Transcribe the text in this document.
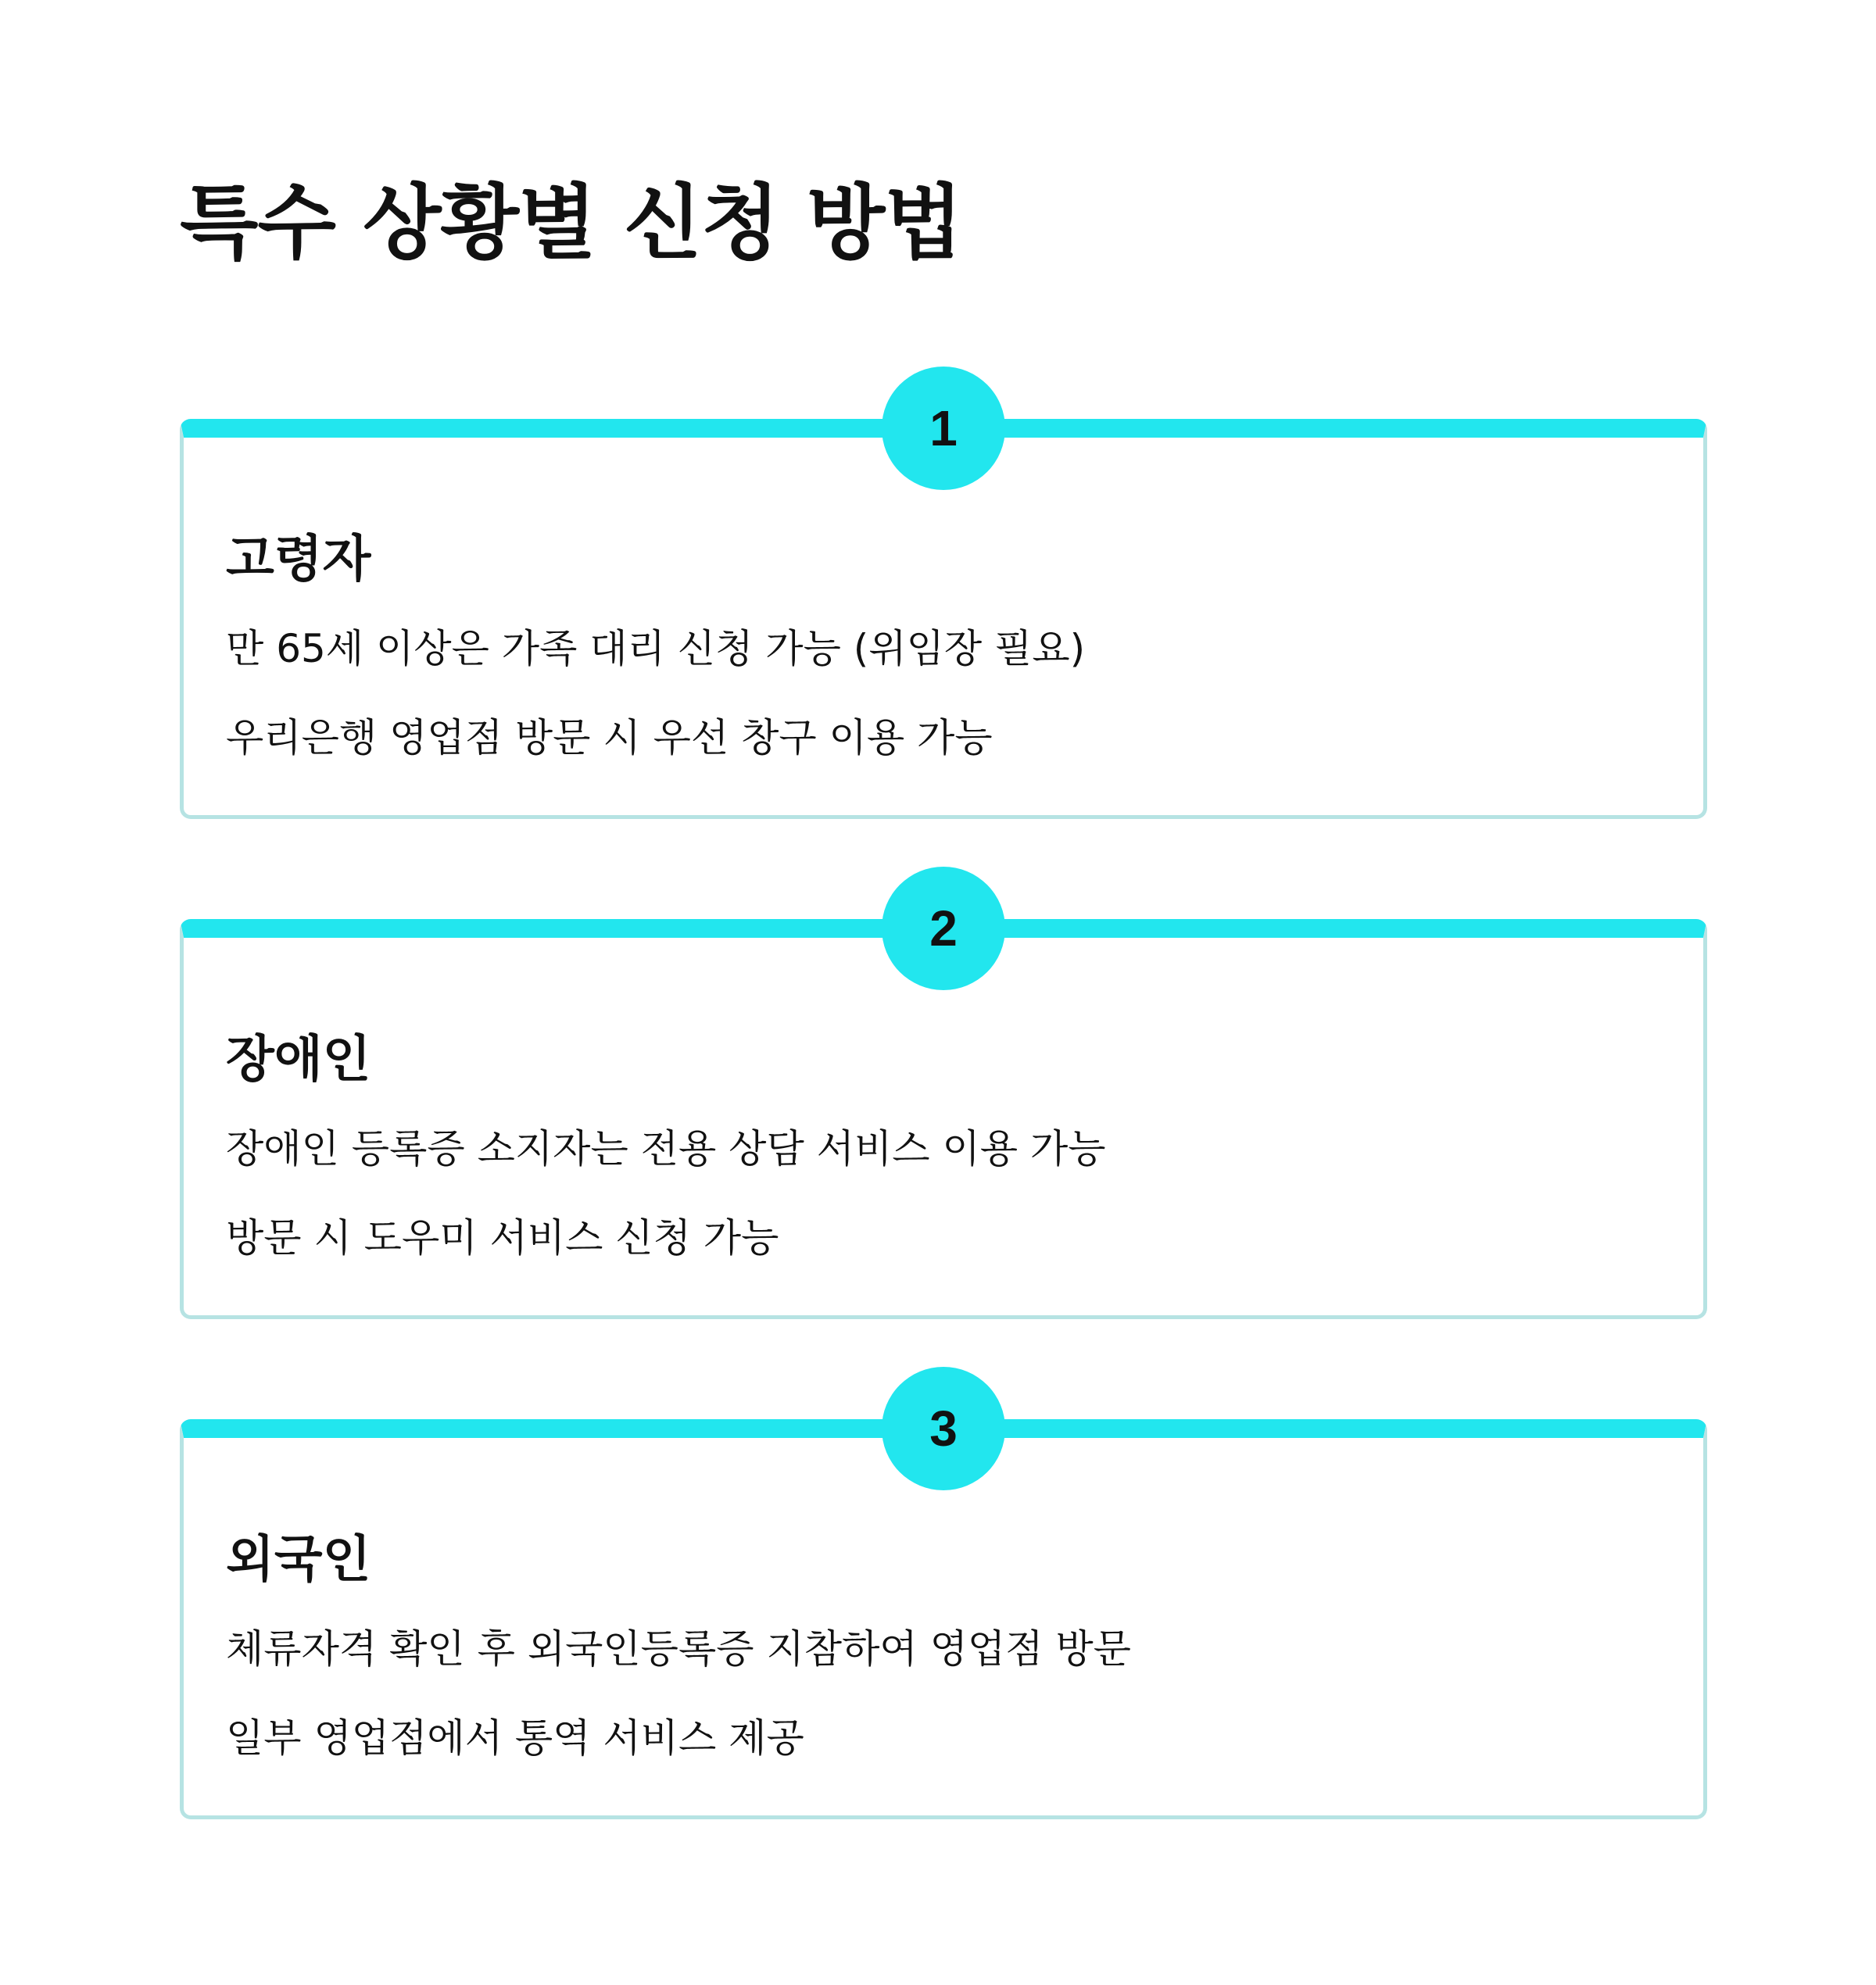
특수 상황별 신청 방법
1
고령자

만 65세 이상은 가족 대리 신청 가능 (위임장 필요)

우리은행 영업점 방문 시 우선 창구 이용 가능

2
장애인

장애인 등록증 소지자는 전용 상담 서비스 이용 가능

방문 시 도우미 서비스 신청 가능

3
외국인

체류자격 확인 후 외국인등록증 지참하여 영업점 방문

일부 영업점에서 통역 서비스 제공
